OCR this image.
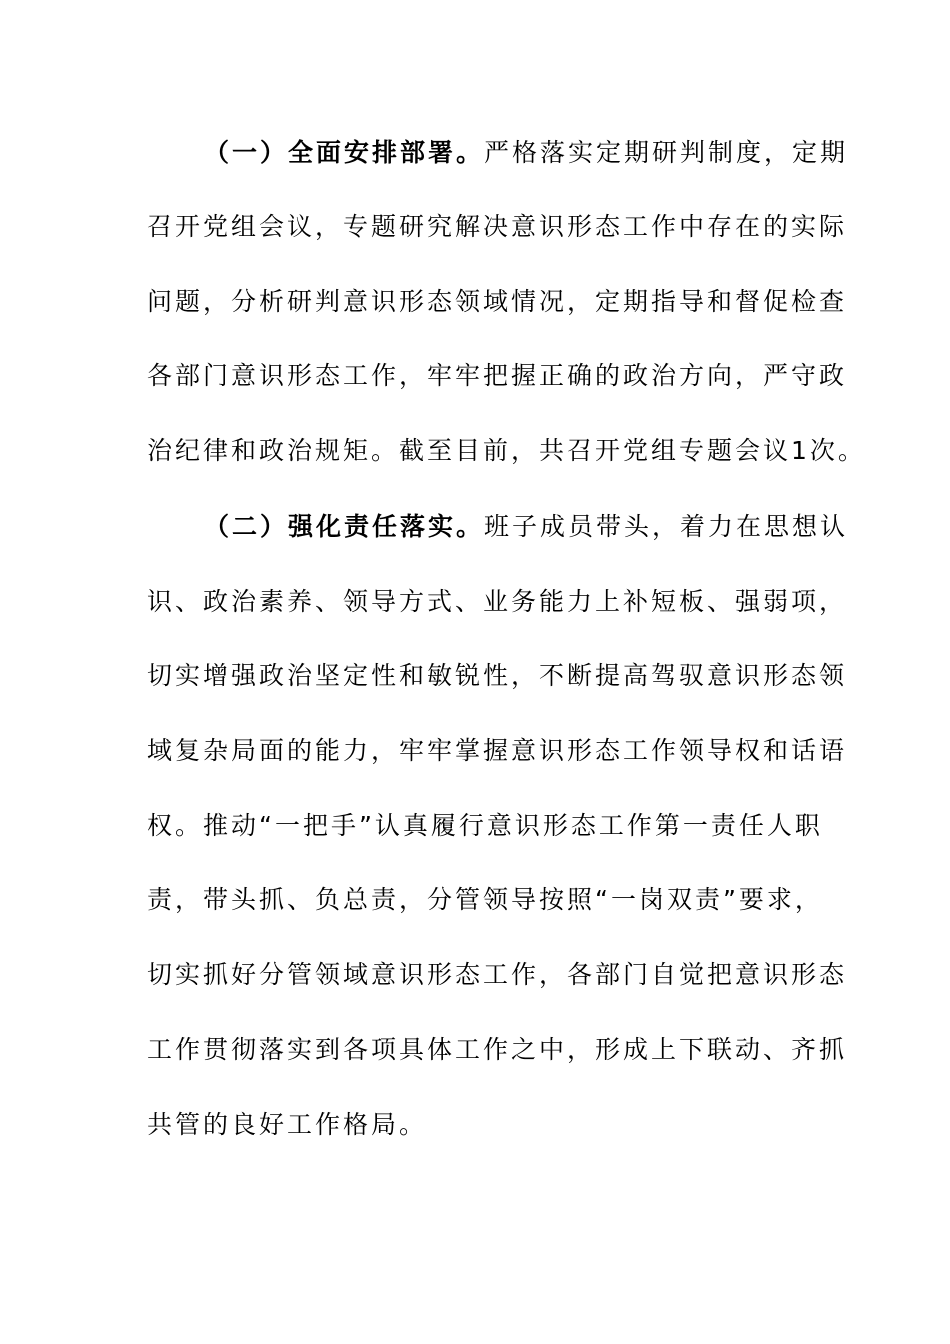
（一）全面安排部署。严格落实定期研判制度，定期
召开党组会议，专题研究解决意识形态工作中存在的实际
问题，分析研判意识形态领域情况，定期指导和督促检查
各部门意识形态工作，牢牢把握正确的政治方向，严守政
治纪律和政治规矩。截至目前，共召开党组专题会议1次。
（二）强化责任落实。班子成员带头，着力在思想认
识、政治素养、领导方式、业务能力上补短板、强弱项，
切实增强政治坚定性和敏锐性，不断提高驾驭意识形态领
域复杂局面的能力，牢牢掌握意识形态工作领导权和话语
权。推动“一把手”认真履行意识形态工作第一责任人职
责，带头抓、负总责，分管领导按照“一岗双责”要求，
切实抓好分管领域意识形态工作，各部门自觉把意识形态
工作贯彻落实到各项具体工作之中，形成上下联动、齐抓
共管的良好工作格局。
